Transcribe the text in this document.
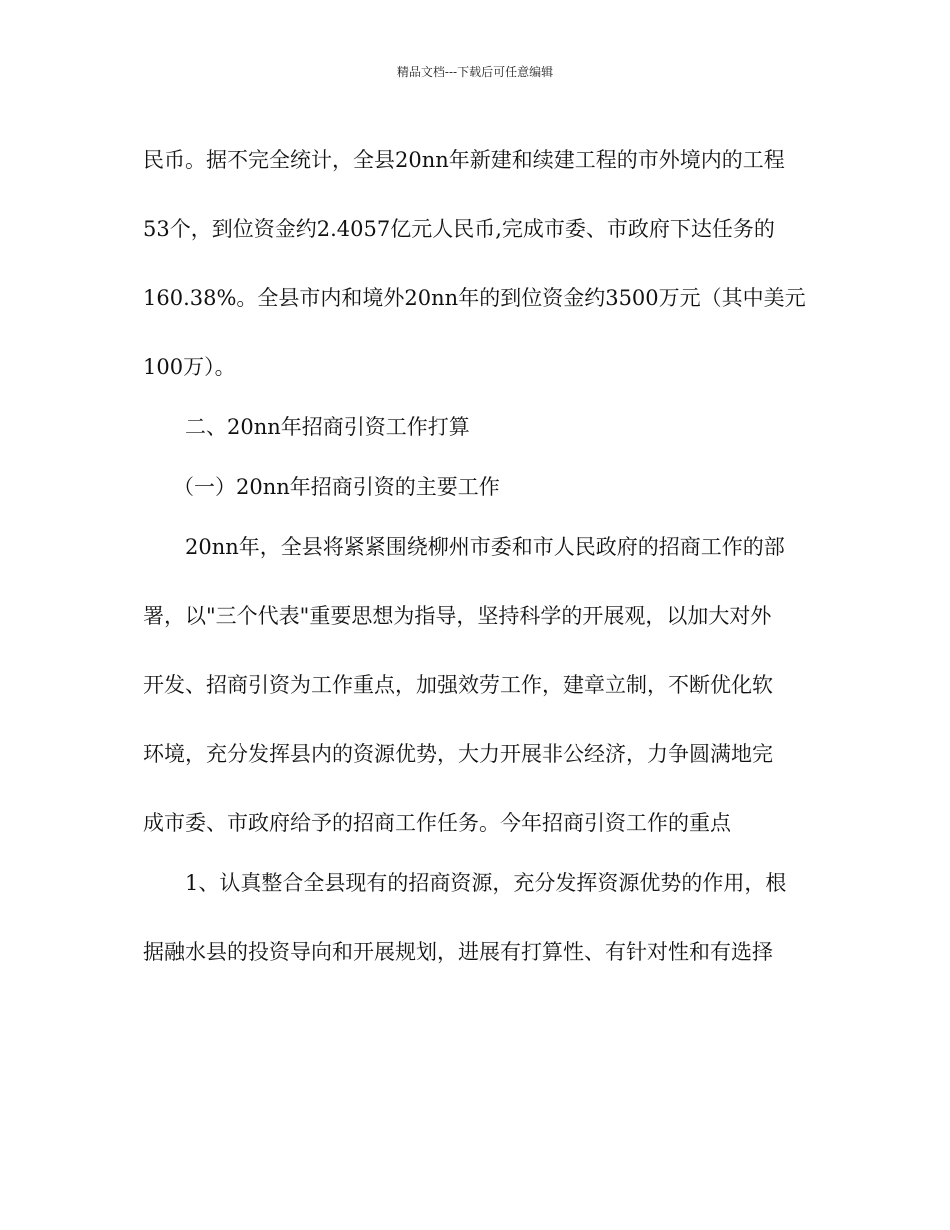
精品文档---下载后可任意编辑
民币。据不完全统计，全县20nn年新建和续建工程的市外境内的工程
53个，到位资金约2.4057亿元人民币,完成市委、市政府下达任务的
160.38%。全县市内和境外20nn年的到位资金约3500万元（其中美元
100万）。
二、20nn年招商引资工作打算
（一）20nn年招商引资的主要工作
20nn年，全县将紧紧围绕柳州市委和市人民政府的招商工作的部
署，以"三个代表"重要思想为指导，坚持科学的开展观，以加大对外
开发、招商引资为工作重点，加强效劳工作，建章立制，不断优化软
环境，充分发挥县内的资源优势，大力开展非公经济，力争圆满地完
成市委、市政府给予的招商工作任务。今年招商引资工作的重点
1、认真整合全县现有的招商资源，充分发挥资源优势的作用，根
据融水县的投资导向和开展规划，进展有打算性、有针对性和有选择
